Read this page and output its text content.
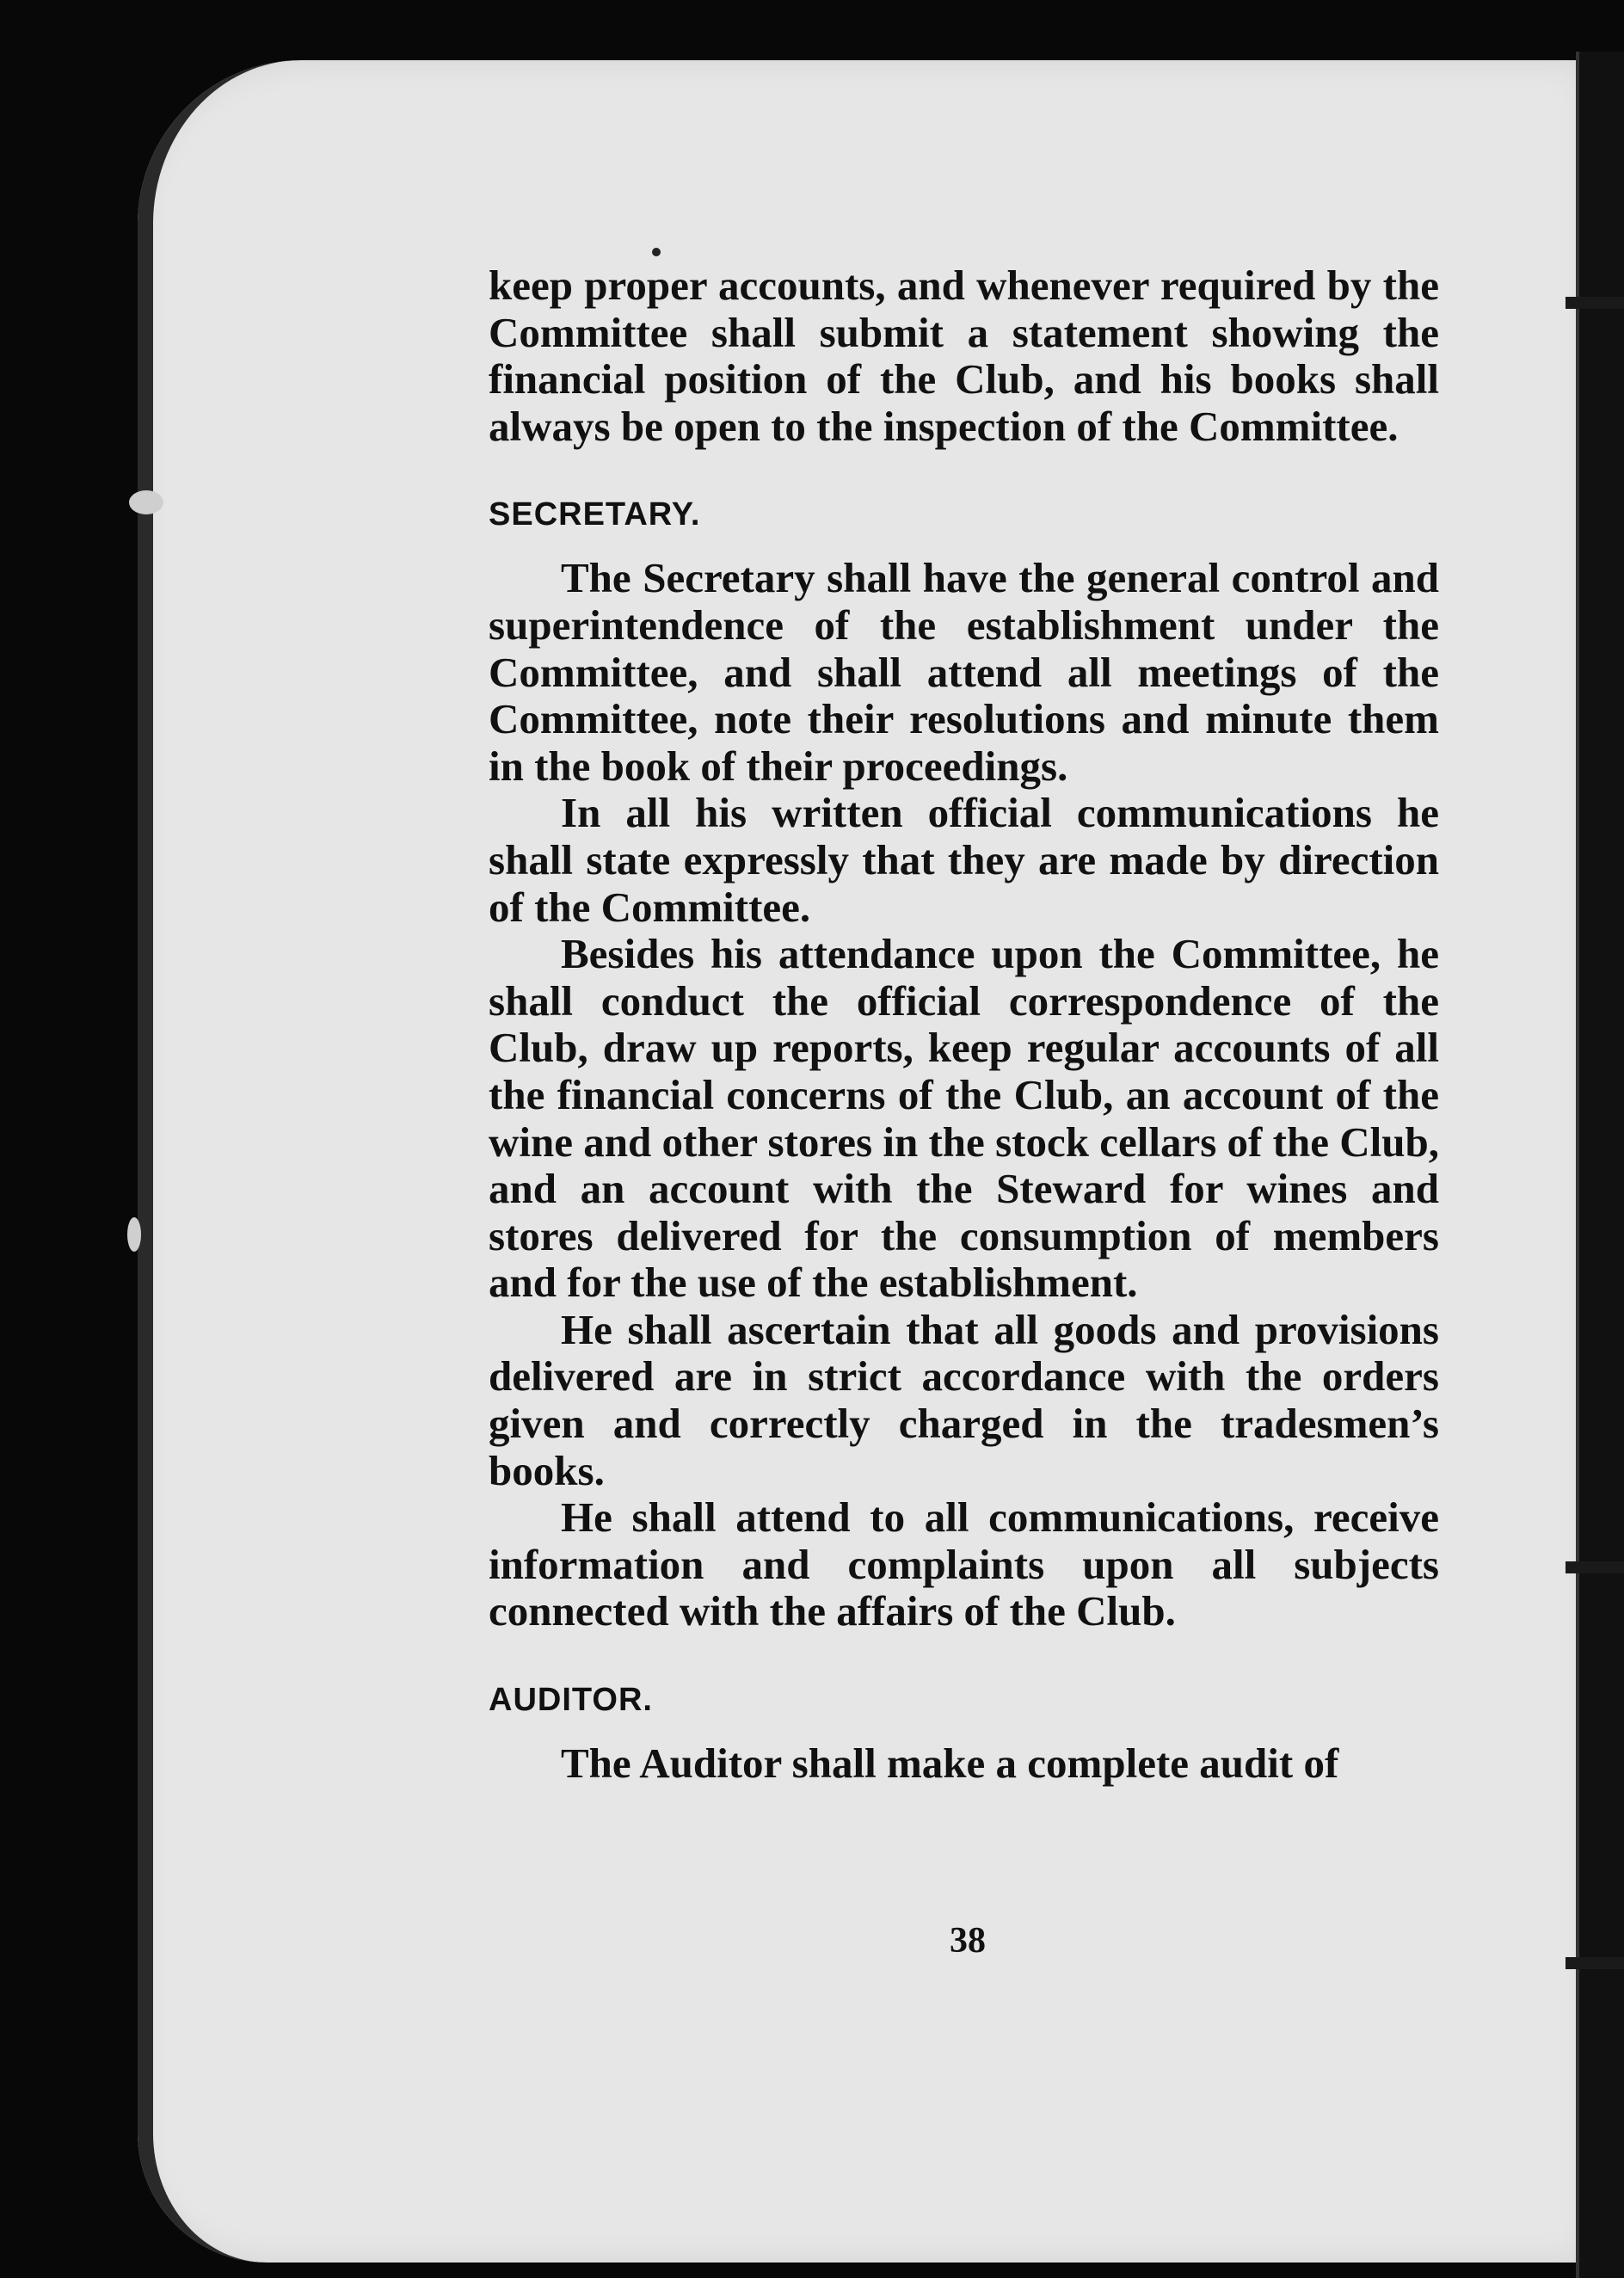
keep proper accounts, and whenever required by the Committee shall submit a statement showing the financial position of the Club, and his books shall always be open to the inspection of the Committee.

SECRETARY.

The Secretary shall have the general control and superintendence of the establishment under the Committee, and shall attend all meetings of the Committee, note their resolutions and minute them in the book of their proceedings.

In all his written official communications he shall state expressly that they are made by direction of the Committee.

Besides his attendance upon the Committee, he shall conduct the official correspondence of the Club, draw up reports, keep regular accounts of all the financial concerns of the Club, an account of the wine and other stores in the stock cellars of the Club, and an account with the Steward for wines and stores delivered for the consumption of members and for the use of the establishment.

He shall ascertain that all goods and provisions delivered are in strict accordance with the orders given and correctly charged in the tradesmen’s books.

He shall attend to all communications, receive information and complaints upon all subjects connected with the affairs of the Club.

AUDITOR.

The Auditor shall make a complete audit of

38
